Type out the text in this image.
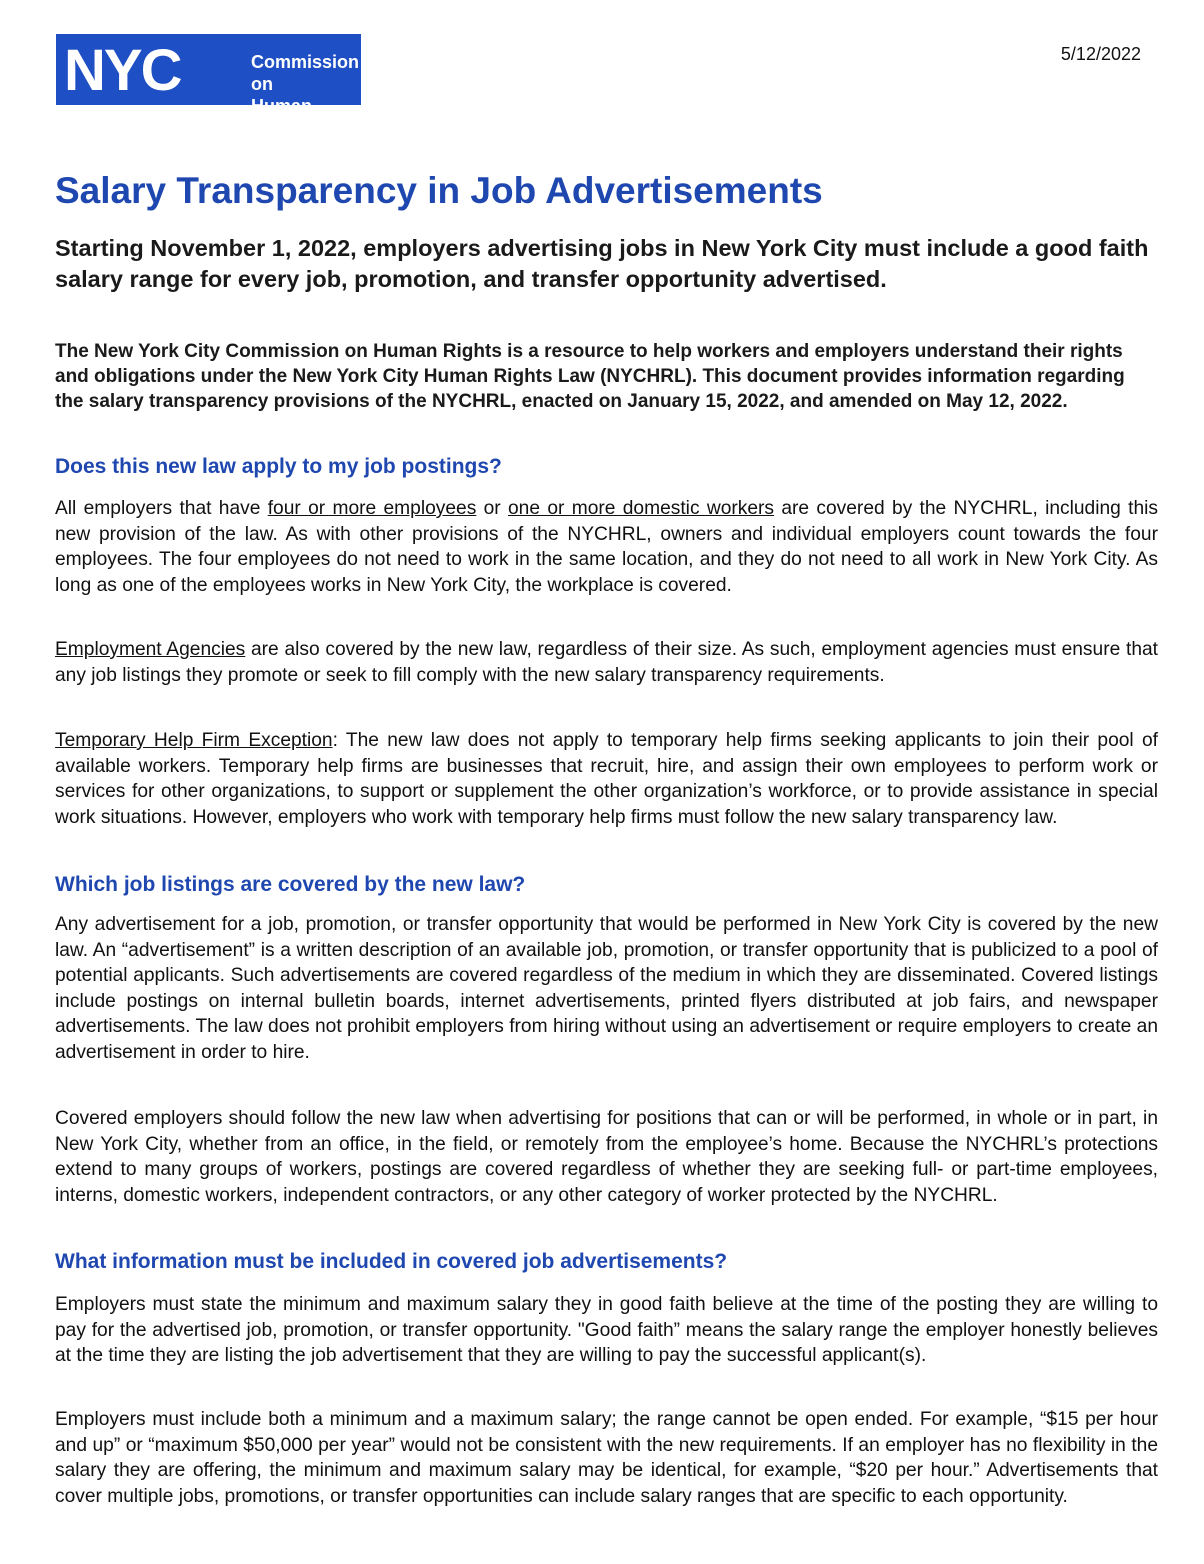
NYC	Commission on
Human Rights
5/12/2022
Salary Transparency in Job Advertisements

Starting November 1, 2022, employers advertising jobs in New York City must include a good faith salary range for every job, promotion, and transfer opportunity advertised.

The New York City Commission on Human Rights is a resource to help workers and employers understand their rights and obligations under the New York City Human Rights Law (NYCHRL). This document provides information regarding the salary transparency provisions of the NYCHRL, enacted on January 15, 2022, and amended on May 12, 2022.

Does this new law apply to my job postings?

All employers that have four or more employees or one or more domestic workers are covered by the NYCHRL, including this new provision of the law. As with other provisions of the NYCHRL, owners and individual employers count towards the four employees. The four employees do not need to work in the same location, and they do not need to all work in New York City. As long as one of the employees works in New York City, the workplace is covered.

Employment Agencies are also covered by the new law, regardless of their size. As such, employment agencies must ensure that any job listings they promote or seek to fill comply with the new salary transparency requirements.

Temporary Help Firm Exception: The new law does not apply to temporary help firms seeking applicants to join their pool of available workers. Temporary help firms are businesses that recruit, hire, and assign their own employees to perform work or services for other organizations, to support or supplement the other organization’s workforce, or to provide assistance in special work situations. However, employers who work with temporary help firms must follow the new salary transparency law.

Which job listings are covered by the new law?

Any advertisement for a job, promotion, or transfer opportunity that would be performed in New York City is covered by the new law. An “advertisement” is a written description of an available job, promotion, or transfer opportunity that is publicized to a pool of potential applicants. Such advertisements are covered regardless of the medium in which they are disseminated. Covered listings include postings on internal bulletin boards, internet advertisements, printed flyers distributed at job fairs, and newspaper advertisements. The law does not prohibit employers from hiring without using an advertisement or require employers to create an advertisement in order to hire.

Covered employers should follow the new law when advertising for positions that can or will be performed, in whole or in part, in New York City, whether from an office, in the field, or remotely from the employee’s home. Because the NYCHRL’s protections extend to many groups of workers, postings are covered regardless of whether they are seeking full- or part-time employees, interns, domestic workers, independent contractors, or any other category of worker protected by the NYCHRL.

What information must be included in covered job advertisements?

Employers must state the minimum and maximum salary they in good faith believe at the time of the posting they are willing to pay for the advertised job, promotion, or transfer opportunity. "Good faith” means the salary range the employer honestly believes at the time they are listing the job advertisement that they are willing to pay the successful applicant(s).

Employers must include both a minimum and a maximum salary; the range cannot be open ended. For example, “$15 per hour and up” or “maximum $50,000 per year” would not be consistent with the new requirements. If an employer has no flexibility in the salary they are offering, the minimum and maximum salary may be identical, for example, “$20 per hour.” Advertisements that cover multiple jobs, promotions, or transfer opportunities can include salary ranges that are specific to each opportunity.
